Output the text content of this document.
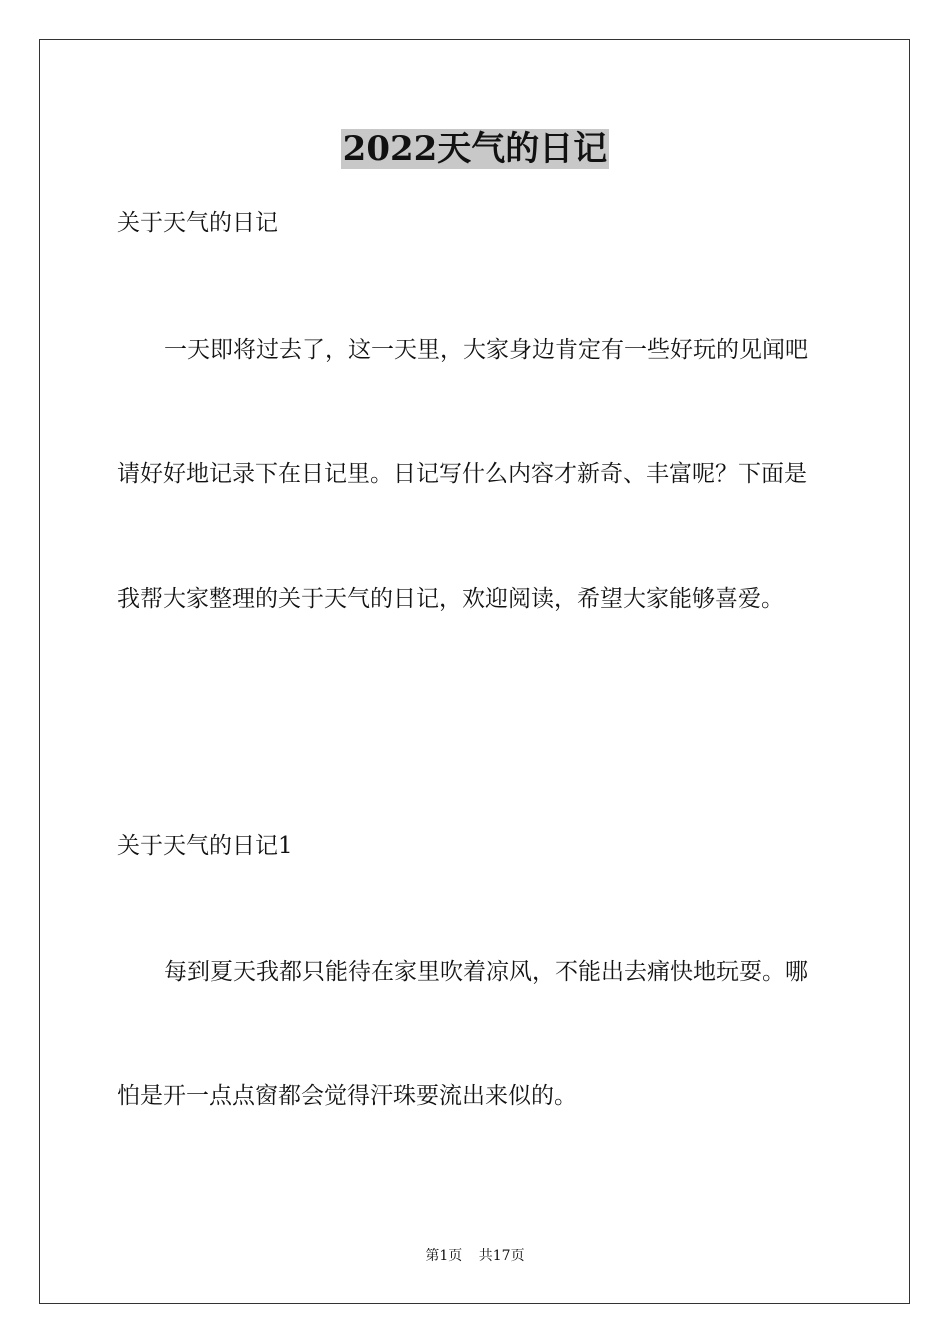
2022天气的日记

关于天气的日记

一天即将过去了，这一天里，大家身边肯定有一些好玩的见闻吧

请好好地记录下在日记里。日记写什么内容才新奇、丰富呢？下面是

我帮大家整理的关于天气的日记，欢迎阅读，希望大家能够喜爱。

关于天气的日记1

每到夏天我都只能待在家里吹着凉风，不能出去痛快地玩耍。哪

怕是开一点点窗都会觉得汗珠要流出来似的。

第1页 共17页
